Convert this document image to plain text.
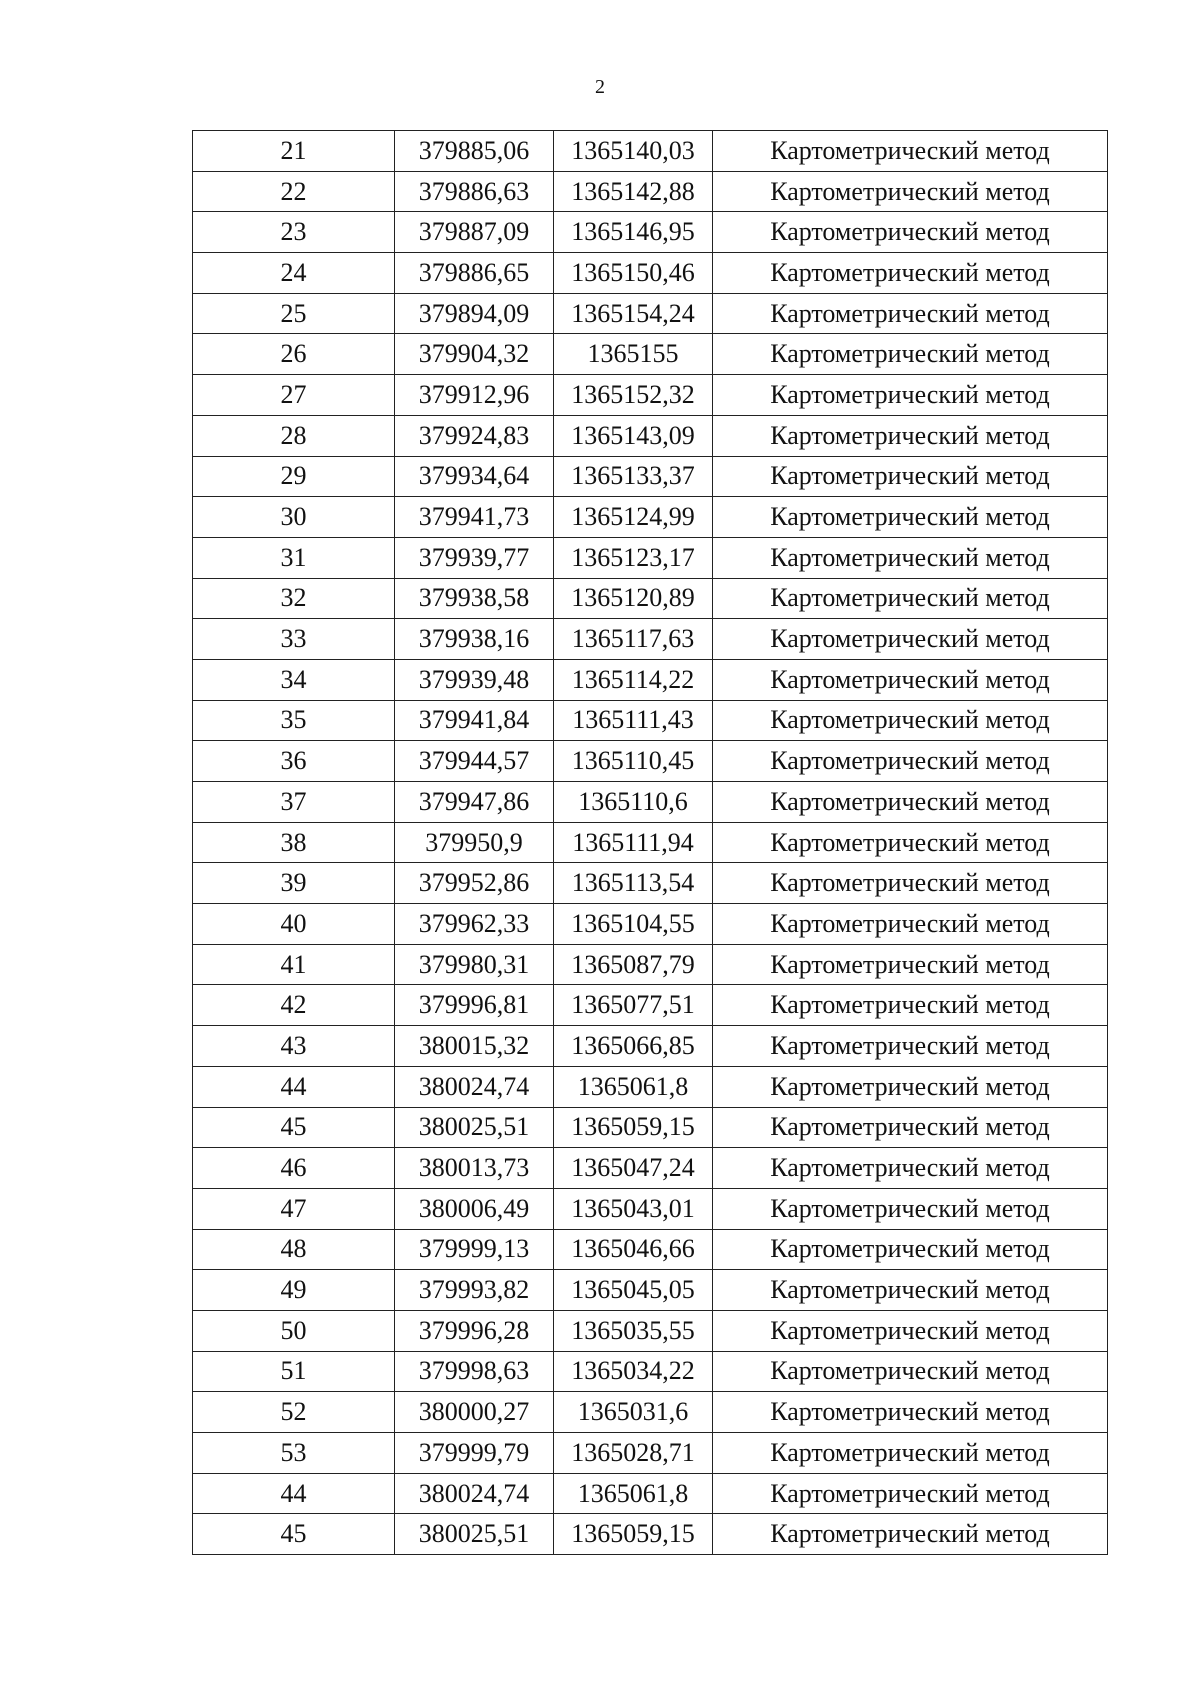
2
21	379885,06	1365140,03	Картометрический метод
22	379886,63	1365142,88	Картометрический метод
23	379887,09	1365146,95	Картометрический метод
24	379886,65	1365150,46	Картометрический метод
25	379894,09	1365154,24	Картометрический метод
26	379904,32	1365155	Картометрический метод
27	379912,96	1365152,32	Картометрический метод
28	379924,83	1365143,09	Картометрический метод
29	379934,64	1365133,37	Картометрический метод
30	379941,73	1365124,99	Картометрический метод
31	379939,77	1365123,17	Картометрический метод
32	379938,58	1365120,89	Картометрический метод
33	379938,16	1365117,63	Картометрический метод
34	379939,48	1365114,22	Картометрический метод
35	379941,84	1365111,43	Картометрический метод
36	379944,57	1365110,45	Картометрический метод
37	379947,86	1365110,6	Картометрический метод
38	379950,9	1365111,94	Картометрический метод
39	379952,86	1365113,54	Картометрический метод
40	379962,33	1365104,55	Картометрический метод
41	379980,31	1365087,79	Картометрический метод
42	379996,81	1365077,51	Картометрический метод
43	380015,32	1365066,85	Картометрический метод
44	380024,74	1365061,8	Картометрический метод
45	380025,51	1365059,15	Картометрический метод
46	380013,73	1365047,24	Картометрический метод
47	380006,49	1365043,01	Картометрический метод
48	379999,13	1365046,66	Картометрический метод
49	379993,82	1365045,05	Картометрический метод
50	379996,28	1365035,55	Картометрический метод
51	379998,63	1365034,22	Картометрический метод
52	380000,27	1365031,6	Картометрический метод
53	379999,79	1365028,71	Картометрический метод
44	380024,74	1365061,8	Картометрический метод
45	380025,51	1365059,15	Картометрический метод
